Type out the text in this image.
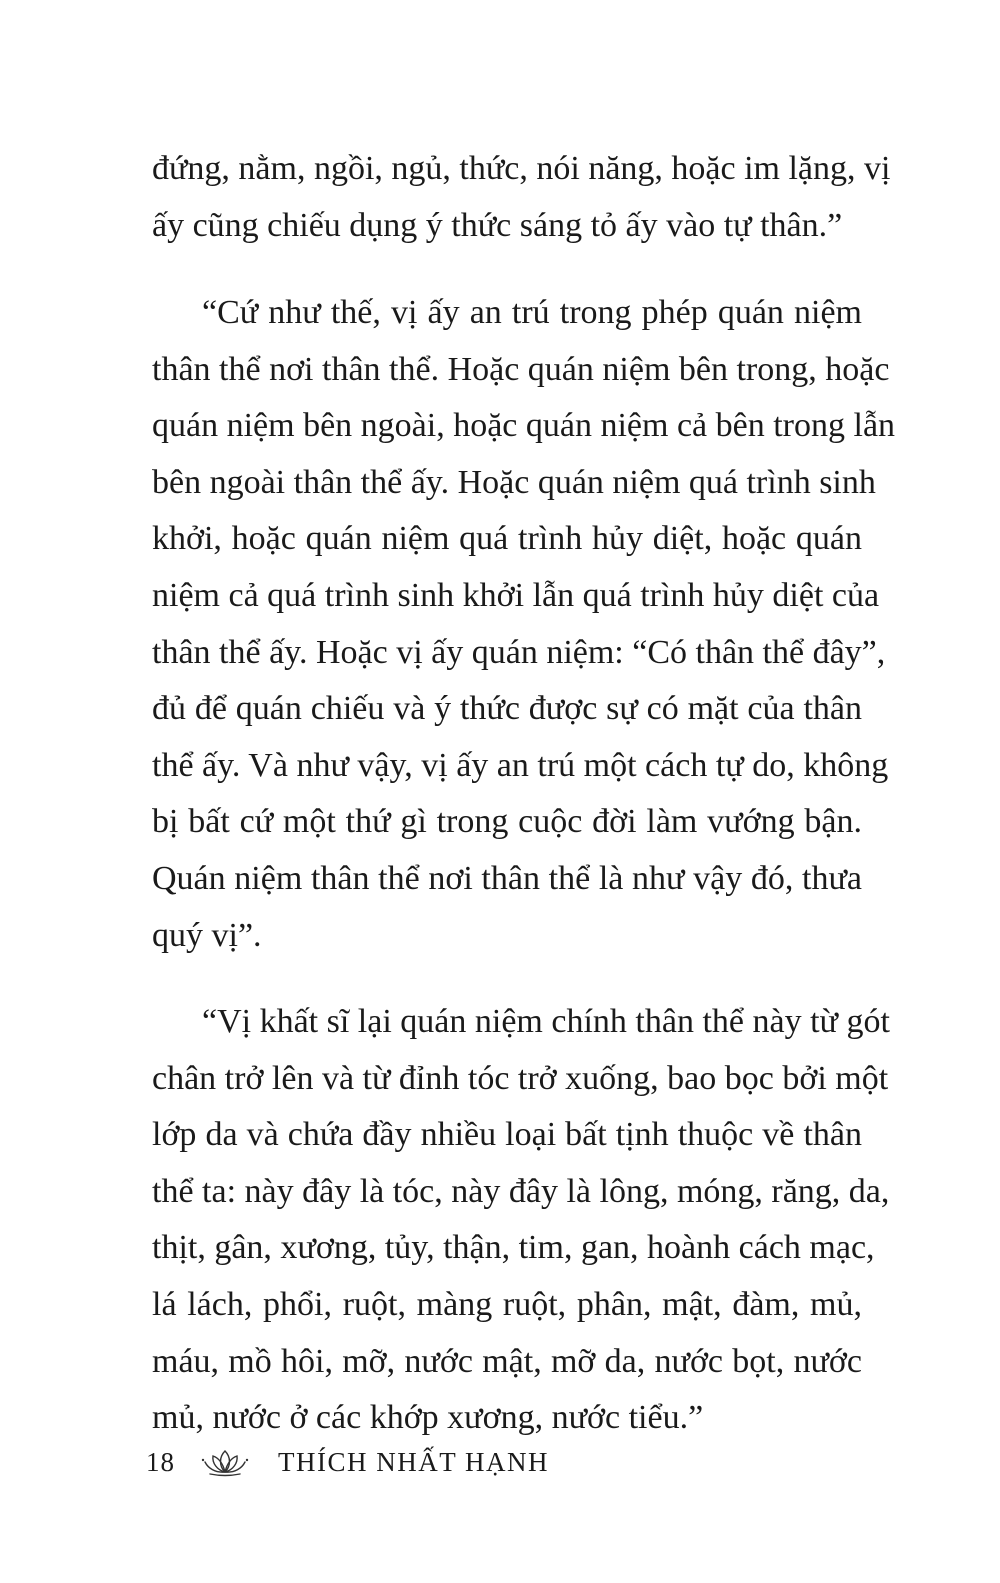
đứng, nằm, ngồi, ngủ, thức, nói năng, hoặc im lặng, vị
ấy cũng chiếu dụng ý thức sáng tỏ ấy vào tự thân.”
“Cứ như thế, vị ấy an trú trong phép quán niệm
thân thể nơi thân thể. Hoặc quán niệm bên trong, hoặc
quán niệm bên ngoài, hoặc quán niệm cả bên trong lẫn
bên ngoài thân thể ấy. Hoặc quán niệm quá trình sinh
khởi, hoặc quán niệm quá trình hủy diệt, hoặc quán
niệm cả quá trình sinh khởi lẫn quá trình hủy diệt của
thân thể ấy. Hoặc vị ấy quán niệm: “Có thân thể đây”,
đủ để quán chiếu và ý thức được sự có mặt của thân
thể ấy. Và như vậy, vị ấy an trú một cách tự do, không
bị bất cứ một thứ gì trong cuộc đời làm vướng bận.
Quán niệm thân thể nơi thân thể là như vậy đó, thưa
quý vị”.
“Vị khất sĩ lại quán niệm chính thân thể này từ gót
chân trở lên và từ đỉnh tóc trở xuống, bao bọc bởi một
lớp da và chứa đầy nhiều loại bất tịnh thuộc về thân
thể ta: này đây là tóc, này đây là lông, móng, răng, da,
thịt, gân, xương, tủy, thận, tim, gan, hoành cách mạc,
lá lách, phổi, ruột, màng ruột, phân, mật, đàm, mủ,
máu, mồ hôi, mỡ, nước mật, mỡ da, nước bọt, nước
mủ, nước ở các khớp xương, nước tiểu.”
18	THÍCH NHẤT HẠNH
